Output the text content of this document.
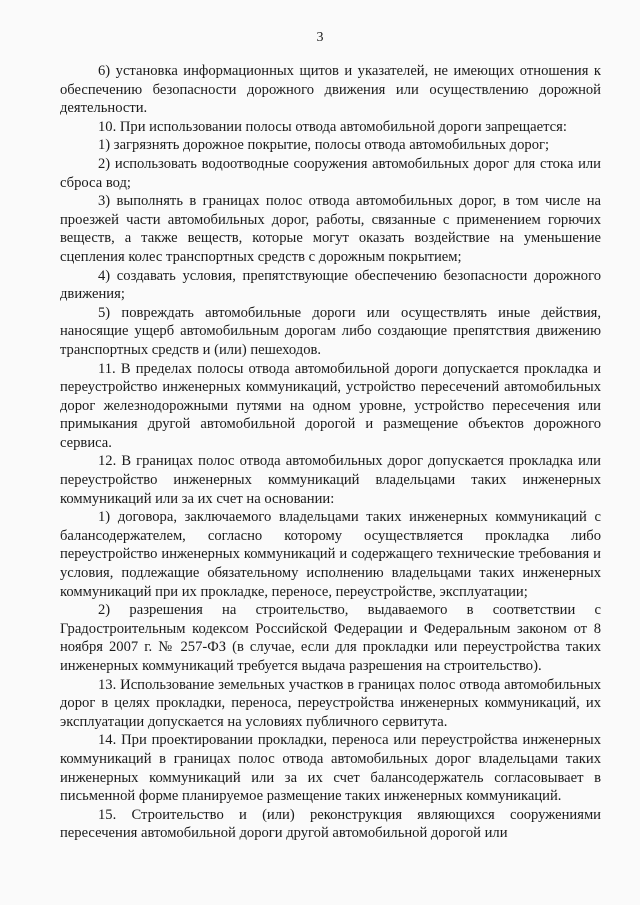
3

6) установка информационных щитов и указателей, не имеющих отношения к обеспечению безопасности дорожного движения или осуществлению дорожной деятельности.

10. При использовании полосы отвода автомобильной дороги запрещается:

1) загрязнять дорожное покрытие, полосы отвода автомобильных дорог;

2) использовать водоотводные сооружения автомобильных дорог для стока или сброса вод;

3) выполнять в границах полос отвода автомобильных дорог, в том числе на проезжей части автомобильных дорог, работы, связанные с применением горючих веществ, а также веществ, которые могут оказать воздействие на уменьшение сцепления колес транспортных средств с дорожным покрытием;

4) создавать условия, препятствующие обеспечению безопасности дорожного движения;

5) повреждать автомобильные дороги или осуществлять иные действия, наносящие ущерб автомобильным дорогам либо создающие препятствия движению транспортных средств и (или) пешеходов.

11. В пределах полосы отвода автомобильной дороги допускается прокладка и переустройство инженерных коммуникаций, устройство пересечений автомобильных дорог железнодорожными путями на одном уровне, устройство пересечения или примыкания другой автомобильной дорогой и размещение объектов дорожного сервиса.

12. В границах полос отвода автомобильных дорог допускается прокладка или переустройство инженерных коммуникаций владельцами таких инженерных коммуникаций или за их счет на основании:

1) договора, заключаемого владельцами таких инженерных коммуникаций с балансодержателем, согласно которому осуществляется прокладка либо переустройство инженерных коммуникаций и содержащего технические требования и условия, подлежащие обязательному исполнению владельцами таких инженерных коммуникаций при их прокладке, переносе, переустройстве, эксплуатации;

2) разрешения на строительство, выдаваемого в соответствии с Градостроительным кодексом Российской Федерации и Федеральным законом от 8 ноября 2007 г. № 257-ФЗ (в случае, если для прокладки или переустройства таких инженерных коммуникаций требуется выдача разрешения на строительство).

13. Использование земельных участков в границах полос отвода автомобильных дорог в целях прокладки, переноса, переустройства инженерных коммуникаций, их эксплуатации допускается на условиях публичного сервитута.

14. При проектировании прокладки, переноса или переустройства инженерных коммуникаций в границах полос отвода автомобильных дорог владельцами таких инженерных коммуникаций или за их счет балансодержатель согласовывает в письменной форме планируемое размещение таких инженерных коммуникаций.

15. Строительство и (или) реконструкция являющихся сооружениями пересечения автомобильной дороги другой автомобильной дорогой или
